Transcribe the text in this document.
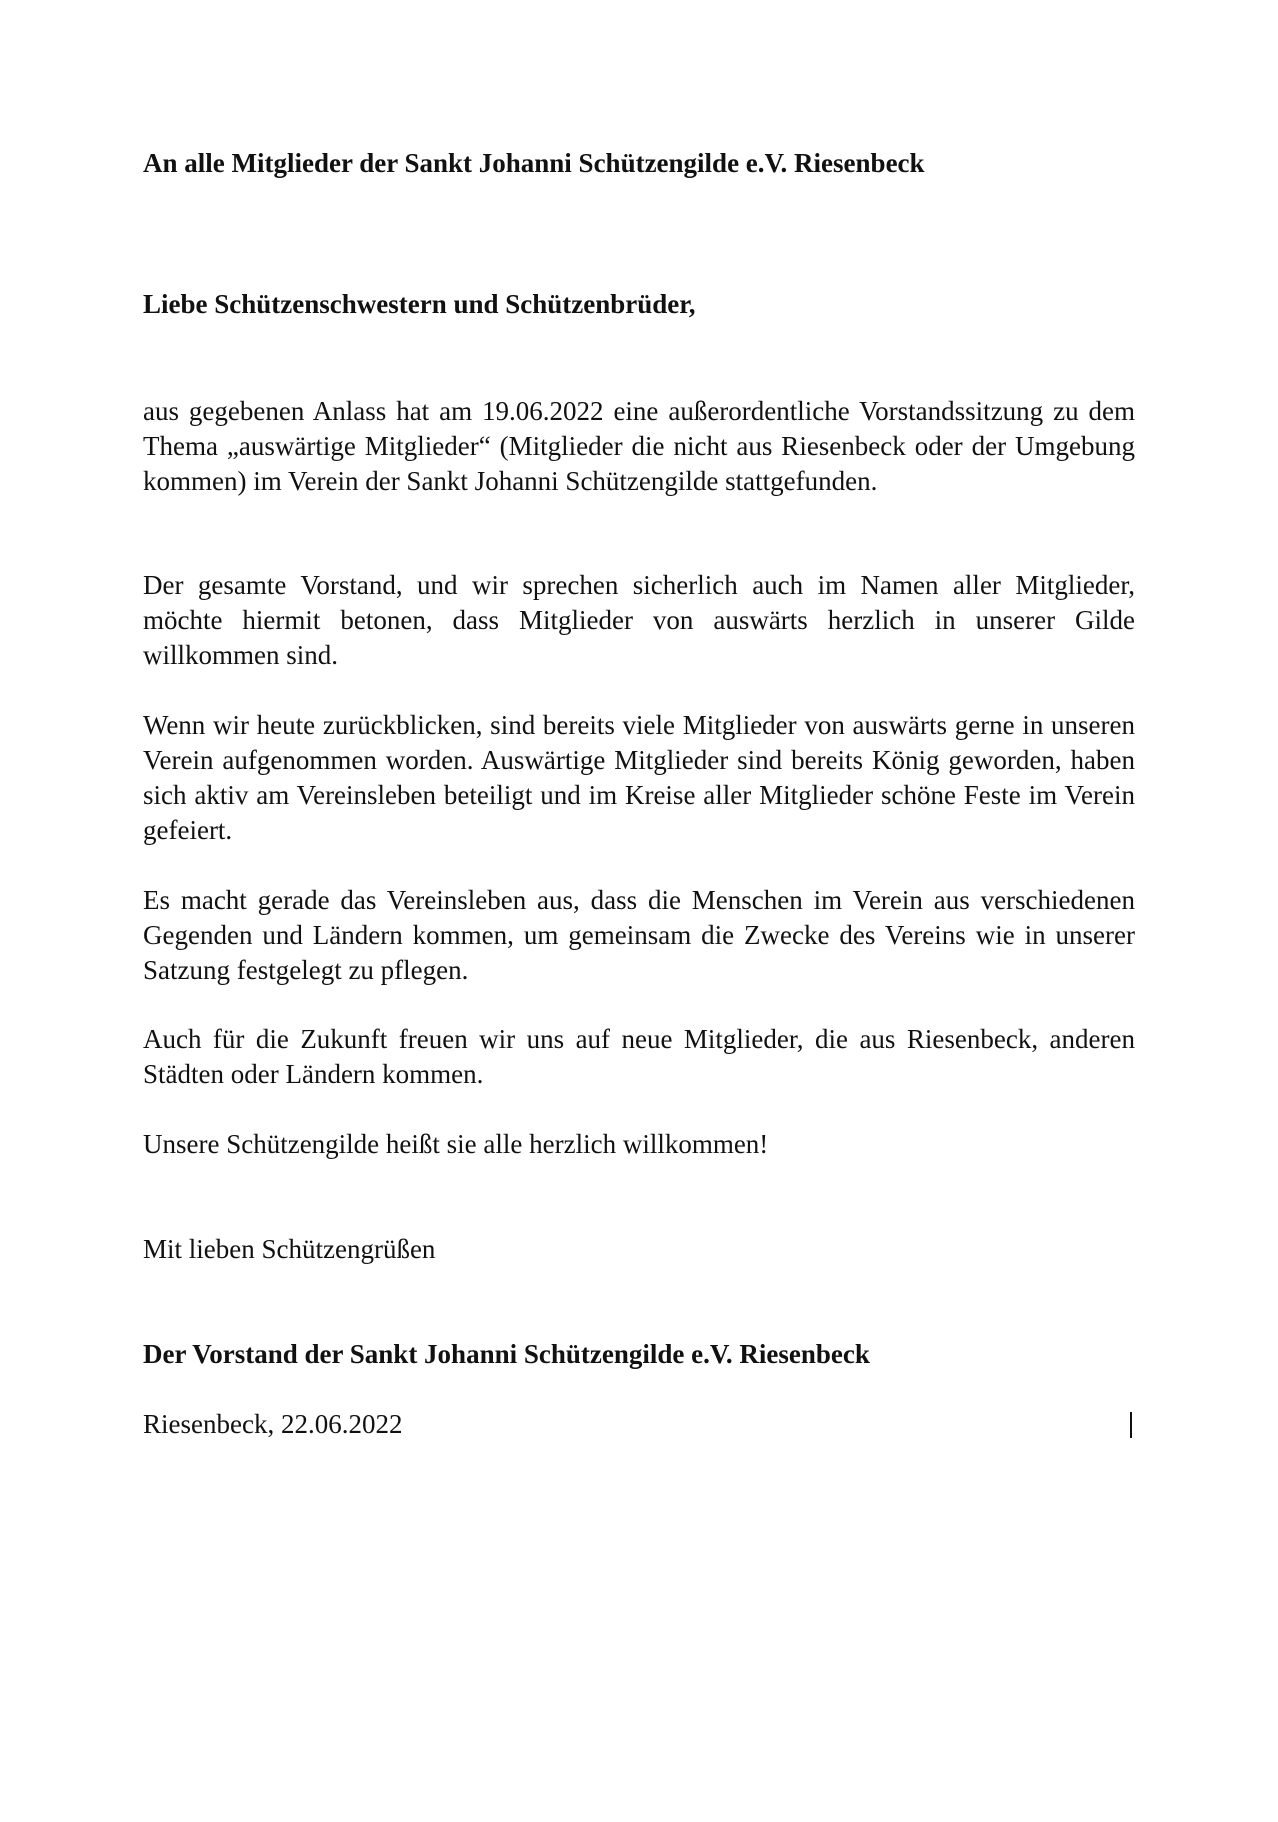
An alle Mitglieder der Sankt Johanni Schützengilde e.V. Riesenbeck
Liebe Schützenschwestern und Schützenbrüder,
aus gegebenen Anlass hat am 19.06.2022 eine außerordentliche Vorstandssitzung zu dem Thema „auswärtige Mitglieder“ (Mitglieder die nicht aus Riesenbeck oder der Umgebung kommen) im Verein der Sankt Johanni Schützengilde stattgefunden.
Der gesamte Vorstand, und wir sprechen sicherlich auch im Namen aller Mitglieder, möchte hiermit betonen, dass Mitglieder von auswärts herzlich in unserer Gilde willkommen sind.
Wenn wir heute zurückblicken, sind bereits viele Mitglieder von auswärts gerne in unseren Verein aufgenommen worden. Auswärtige Mitglieder sind bereits König geworden, haben sich aktiv am Vereinsleben beteiligt und im Kreise aller Mitglieder schöne Feste im Verein gefeiert.
Es macht gerade das Vereinsleben aus, dass die Menschen im Verein aus verschiedenen Gegenden und Ländern kommen, um gemeinsam die Zwecke des Vereins wie in unserer Satzung festgelegt zu pflegen.
Auch für die Zukunft freuen wir uns auf neue Mitglieder, die aus Riesenbeck, anderen Städten oder Ländern kommen.
Unsere Schützengilde heißt sie alle herzlich willkommen!
Mit lieben Schützengrüßen
Der Vorstand der Sankt Johanni Schützengilde e.V. Riesenbeck
Riesenbeck, 22.06.2022
